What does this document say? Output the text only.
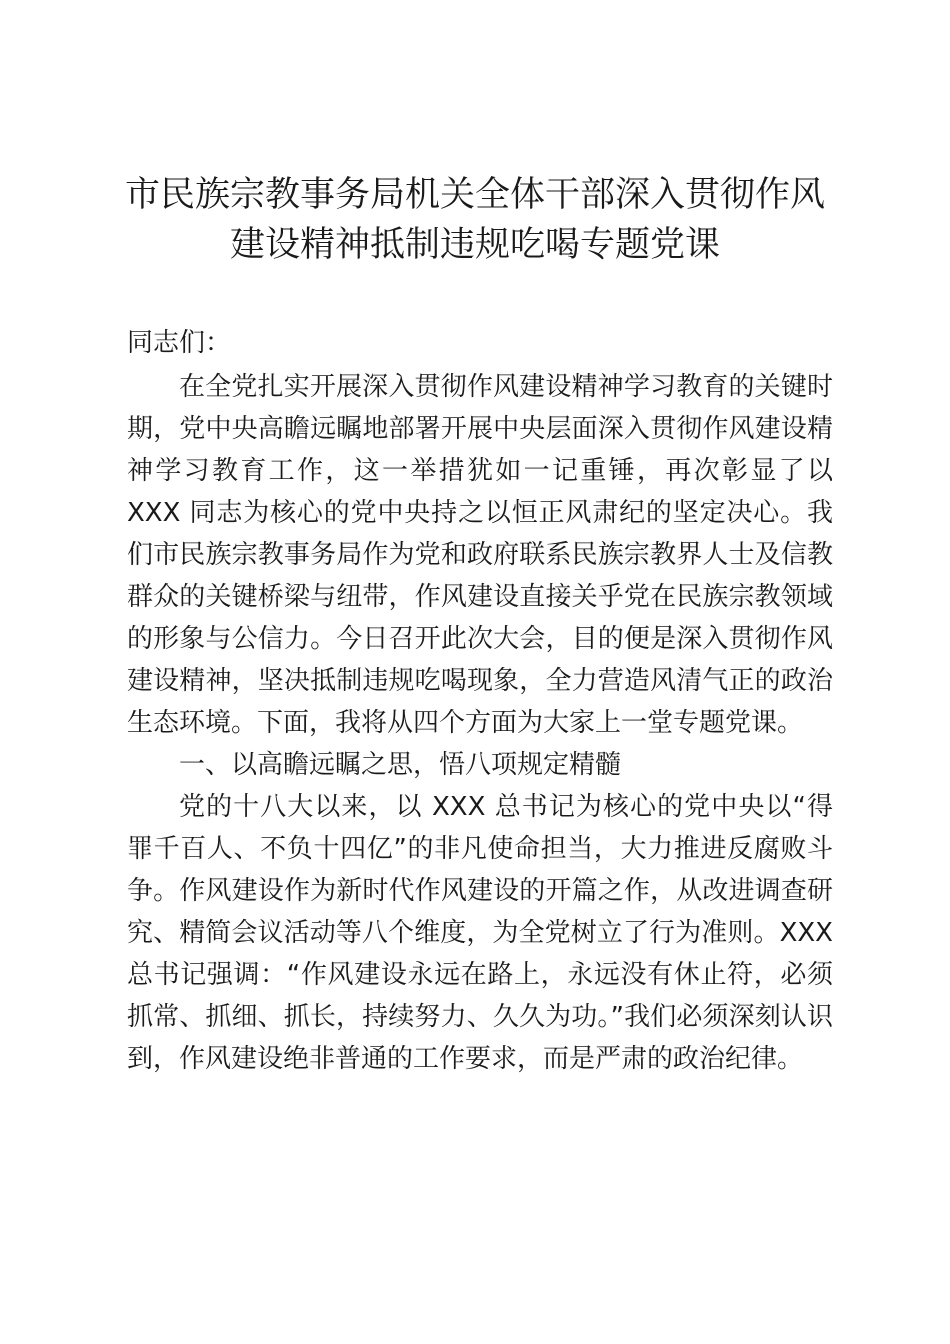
市民族宗教事务局机关全体干部深入贯彻作风
建设精神抵制违规吃喝专题党课

同志们：

在全党扎实开展深入贯彻作风建设精神学习教育的关键时期，党中央高瞻远瞩地部署开展中央层面深入贯彻作风建设精神学习教育工作，这一举措犹如一记重锤，再次彰显了以 XXX 同志为核心的党中央持之以恒正风肃纪的坚定决心。我们市民族宗教事务局作为党和政府联系民族宗教界人士及信教群众的关键桥梁与纽带，作风建设直接关乎党在民族宗教领域的形象与公信力。今日召开此次大会，目的便是深入贯彻作风建设精神，坚决抵制违规吃喝现象，全力营造风清气正的政治生态环境。下面，我将从四个方面为大家上一堂专题党课。

一、以高瞻远瞩之思，悟八项规定精髓

党的十八大以来，以 XXX 总书记为核心的党中央以“得罪千百人、不负十四亿”的非凡使命担当，大力推进反腐败斗争。作风建设作为新时代作风建设的开篇之作，从改进调查研究、精简会议活动等八个维度，为全党树立了行为准则。XXX 总书记强调：“作风建设永远在路上，永远没有休止符，必须抓常、抓细、抓长，持续努力、久久为功。”我们必须深刻认识到，作风建设绝非普通的工作要求，而是严肃的政治纪律。
